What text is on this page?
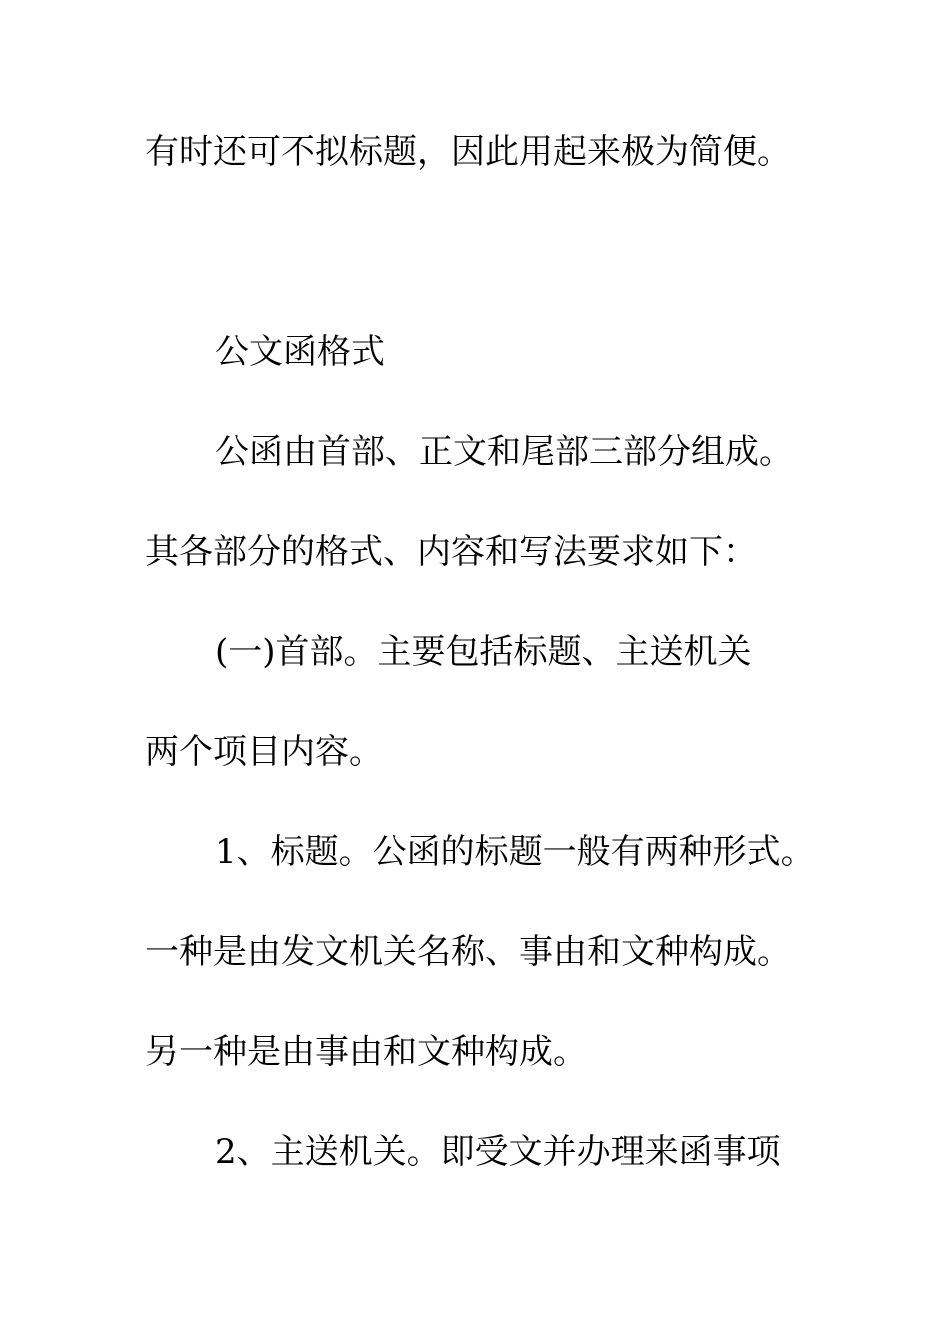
有时还可不拟标题，因此用起来极为简便。
公文函格式
公函由首部、正文和尾部三部分组成。
其各部分的格式、内容和写法要求如下：
(一)首部。主要包括标题、主送机关
两个项目内容。
1、标题。公函的标题一般有两种形式。
一种是由发文机关名称、事由和文种构成。
另一种是由事由和文种构成。
2、主送机关。即受文并办理来函事项
